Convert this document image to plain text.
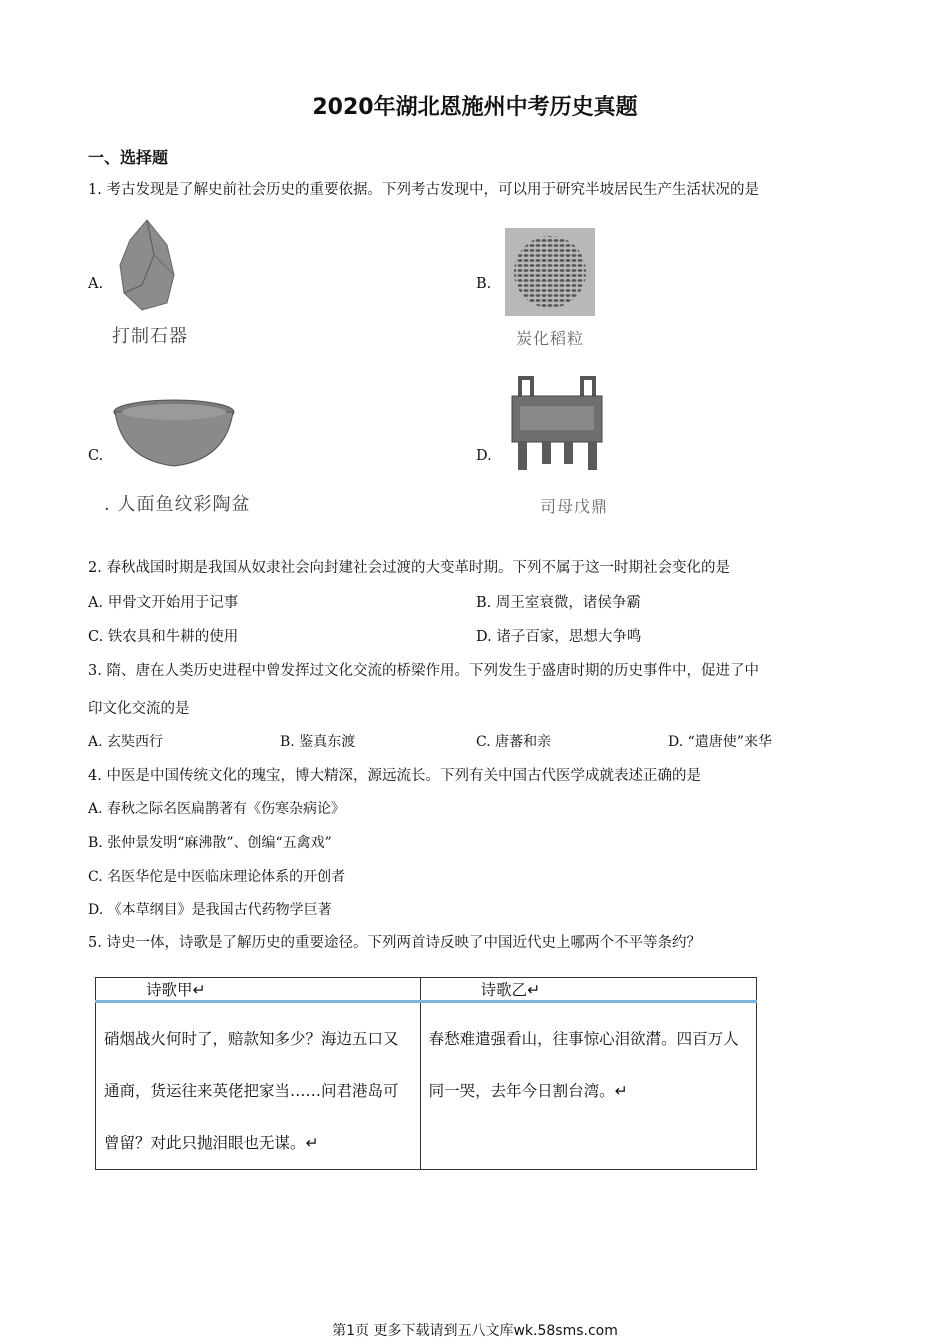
2020年湖北恩施州中考历史真题
一、选择题
1. 考古发现是了解史前社会历史的重要依据。下列考古发现中，可以用于研究半坡居民生产生活状况的是
A.
打制石器
B.
炭化稻粒
C.
. 人面鱼纹彩陶盆
D.
司母戊鼎
2. 春秋战国时期是我国从奴隶社会向封建社会过渡的大变革时期。下列不属于这一时期社会变化的是
A. 甲骨文开始用于记事	B. 周王室衰微，诸侯争霸
C. 铁农具和牛耕的使用	D. 诸子百家，思想大争鸣
3. 隋、唐在人类历史进程中曾发挥过文化交流的桥梁作用。下列发生于盛唐时期的历史事件中，促进了中
印文化交流的是
A. 玄奘西行	B. 鉴真东渡	C. 唐蕃和亲	D. “遣唐使”来华
4. 中医是中国传统文化的瑰宝，博大精深，源远流长。下列有关中国古代医学成就表述正确的是
A. 春秋之际名医扁鹊著有《伤寒杂病论》
B. 张仲景发明“麻沸散”、创编“五禽戏”
C. 名医华佗是中医临床理论体系的开创者
D. 《本草纲目》是我国古代药物学巨著
5. 诗史一体，诗歌是了解历史的重要途径。下列两首诗反映了中国近代史上哪两个不平等条约？
诗歌甲↵	诗歌乙↵
硝烟战火何时了，赔款知多少？海边五口又通商，货运往来英佬把家当……问君港岛可曾留？对此只抛泪眼也无谋。↵	春愁难遣强看山，往事惊心泪欲潸。四百万人同一哭，去年今日割台湾。↵
第1页 更多下载请到五八文库wk.58sms.com
